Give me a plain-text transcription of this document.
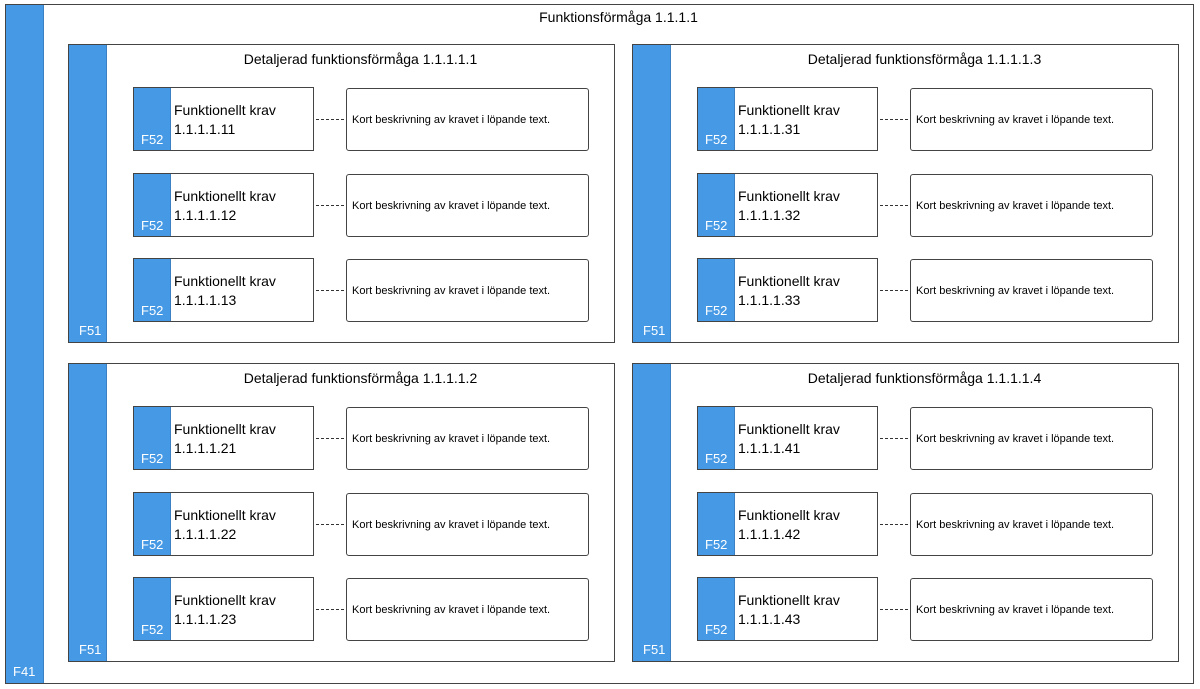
F41
Funktionsförmåga 1.1.1.1
F51
Detaljerad funktionsförmåga 1.1.1.1.1
F52
Funktionellt krav
1.1.1.1.11
Kort beskrivning av kravet i löpande text.
F52
Funktionellt krav
1.1.1.1.12
Kort beskrivning av kravet i löpande text.
F52
Funktionellt krav
1.1.1.1.13
Kort beskrivning av kravet i löpande text.
F51
Detaljerad funktionsförmåga 1.1.1.1.2
F52
Funktionellt krav
1.1.1.1.21
Kort beskrivning av kravet i löpande text.
F52
Funktionellt krav
1.1.1.1.22
Kort beskrivning av kravet i löpande text.
F52
Funktionellt krav
1.1.1.1.23
Kort beskrivning av kravet i löpande text.
F51
Detaljerad funktionsförmåga 1.1.1.1.3
F52
Funktionellt krav
1.1.1.1.31
Kort beskrivning av kravet i löpande text.
F52
Funktionellt krav
1.1.1.1.32
Kort beskrivning av kravet i löpande text.
F52
Funktionellt krav
1.1.1.1.33
Kort beskrivning av kravet i löpande text.
F51
Detaljerad funktionsförmåga 1.1.1.1.4
F52
Funktionellt krav
1.1.1.1.41
Kort beskrivning av kravet i löpande text.
F52
Funktionellt krav
1.1.1.1.42
Kort beskrivning av kravet i löpande text.
F52
Funktionellt krav
1.1.1.1.43
Kort beskrivning av kravet i löpande text.
